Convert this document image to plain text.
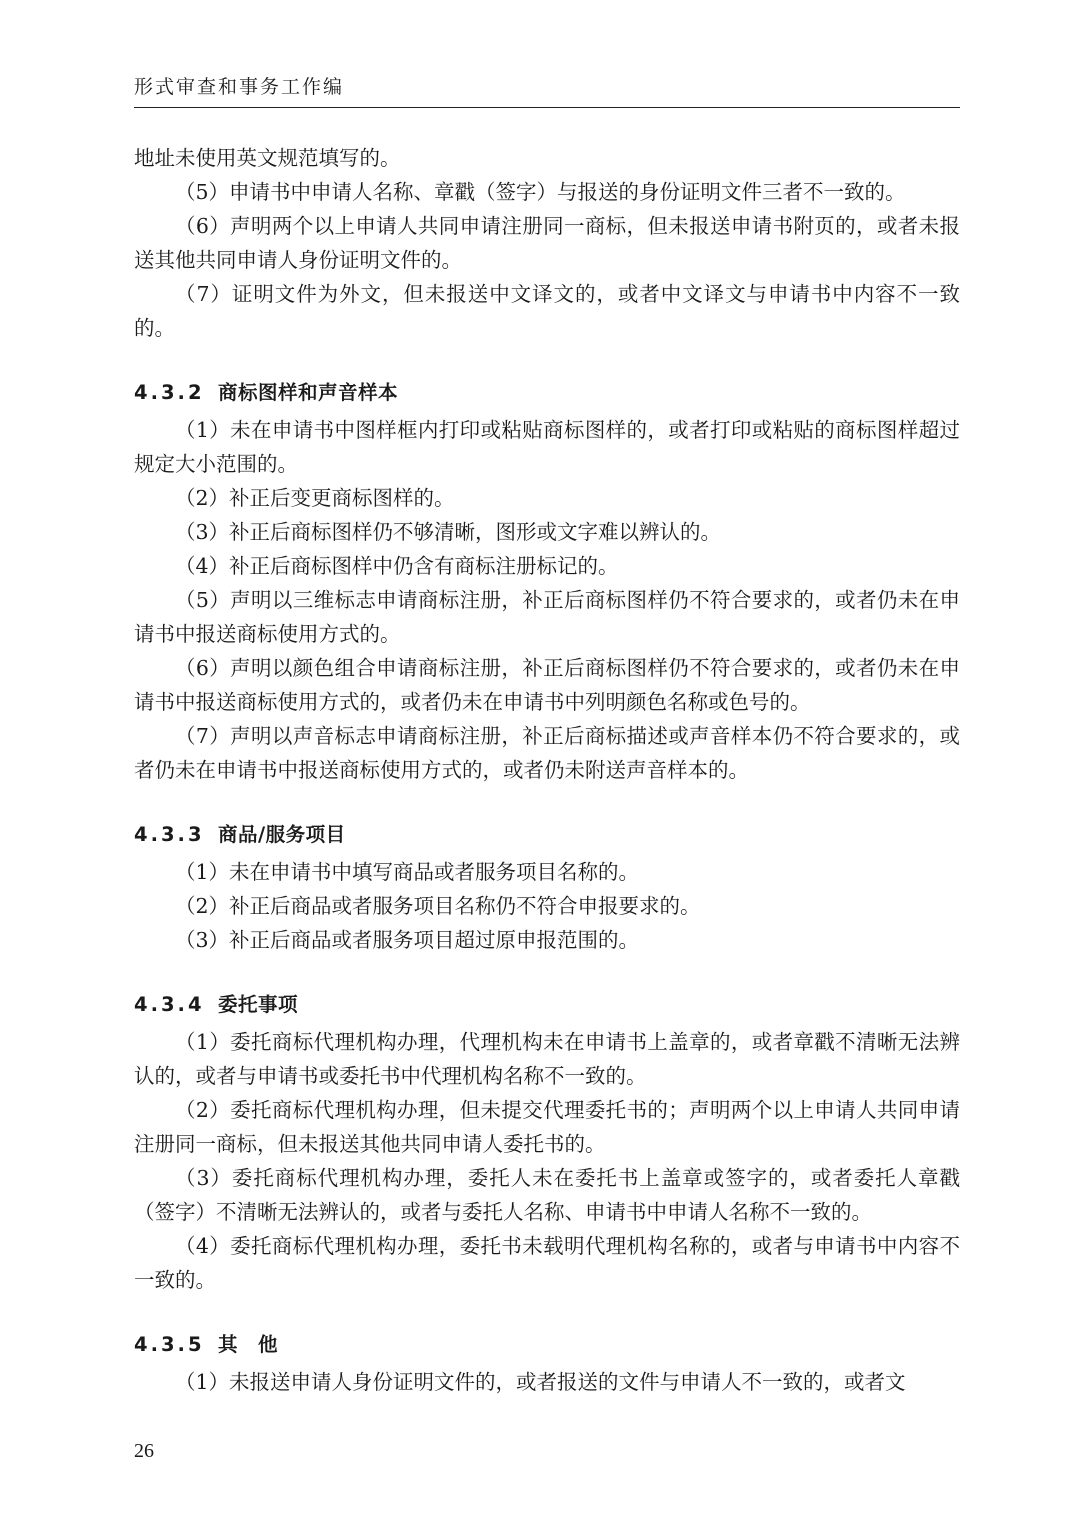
形式审查和事务工作编

地址未使用英文规范填写的。

（5）申请书中申请人名称、章戳（签字）与报送的身份证明文件三者不一致的。

（6）声明两个以上申请人共同申请注册同一商标，但未报送申请书附页的，或者未报送其他共同申请人身份证明文件的。

（7）证明文件为外文，但未报送中文译文的，或者中文译文与申请书中内容不一致的。

4.3.2 商标图样和声音样本

（1）未在申请书中图样框内打印或粘贴商标图样的，或者打印或粘贴的商标图样超过规定大小范围的。

（2）补正后变更商标图样的。

（3）补正后商标图样仍不够清晰，图形或文字难以辨认的。

（4）补正后商标图样中仍含有商标注册标记的。

（5）声明以三维标志申请商标注册，补正后商标图样仍不符合要求的，或者仍未在申请书中报送商标使用方式的。

（6）声明以颜色组合申请商标注册，补正后商标图样仍不符合要求的，或者仍未在申请书中报送商标使用方式的，或者仍未在申请书中列明颜色名称或色号的。

（7）声明以声音标志申请商标注册，补正后商标描述或声音样本仍不符合要求的，或者仍未在申请书中报送商标使用方式的，或者仍未附送声音样本的。

4.3.3 商品/服务项目

（1）未在申请书中填写商品或者服务项目名称的。

（2）补正后商品或者服务项目名称仍不符合申报要求的。

（3）补正后商品或者服务项目超过原申报范围的。

4.3.4 委托事项

（1）委托商标代理机构办理，代理机构未在申请书上盖章的，或者章戳不清晰无法辨认的，或者与申请书或委托书中代理机构名称不一致的。

（2）委托商标代理机构办理，但未提交代理委托书的；声明两个以上申请人共同申请注册同一商标，但未报送其他共同申请人委托书的。

（3）委托商标代理机构办理，委托人未在委托书上盖章或签字的，或者委托人章戳（签字）不清晰无法辨认的，或者与委托人名称、申请书中申请人名称不一致的。

（4）委托商标代理机构办理，委托书未载明代理机构名称的，或者与申请书中内容不一致的。

4.3.5 其　他

（1）未报送申请人身份证明文件的，或者报送的文件与申请人不一致的，或者文

26
